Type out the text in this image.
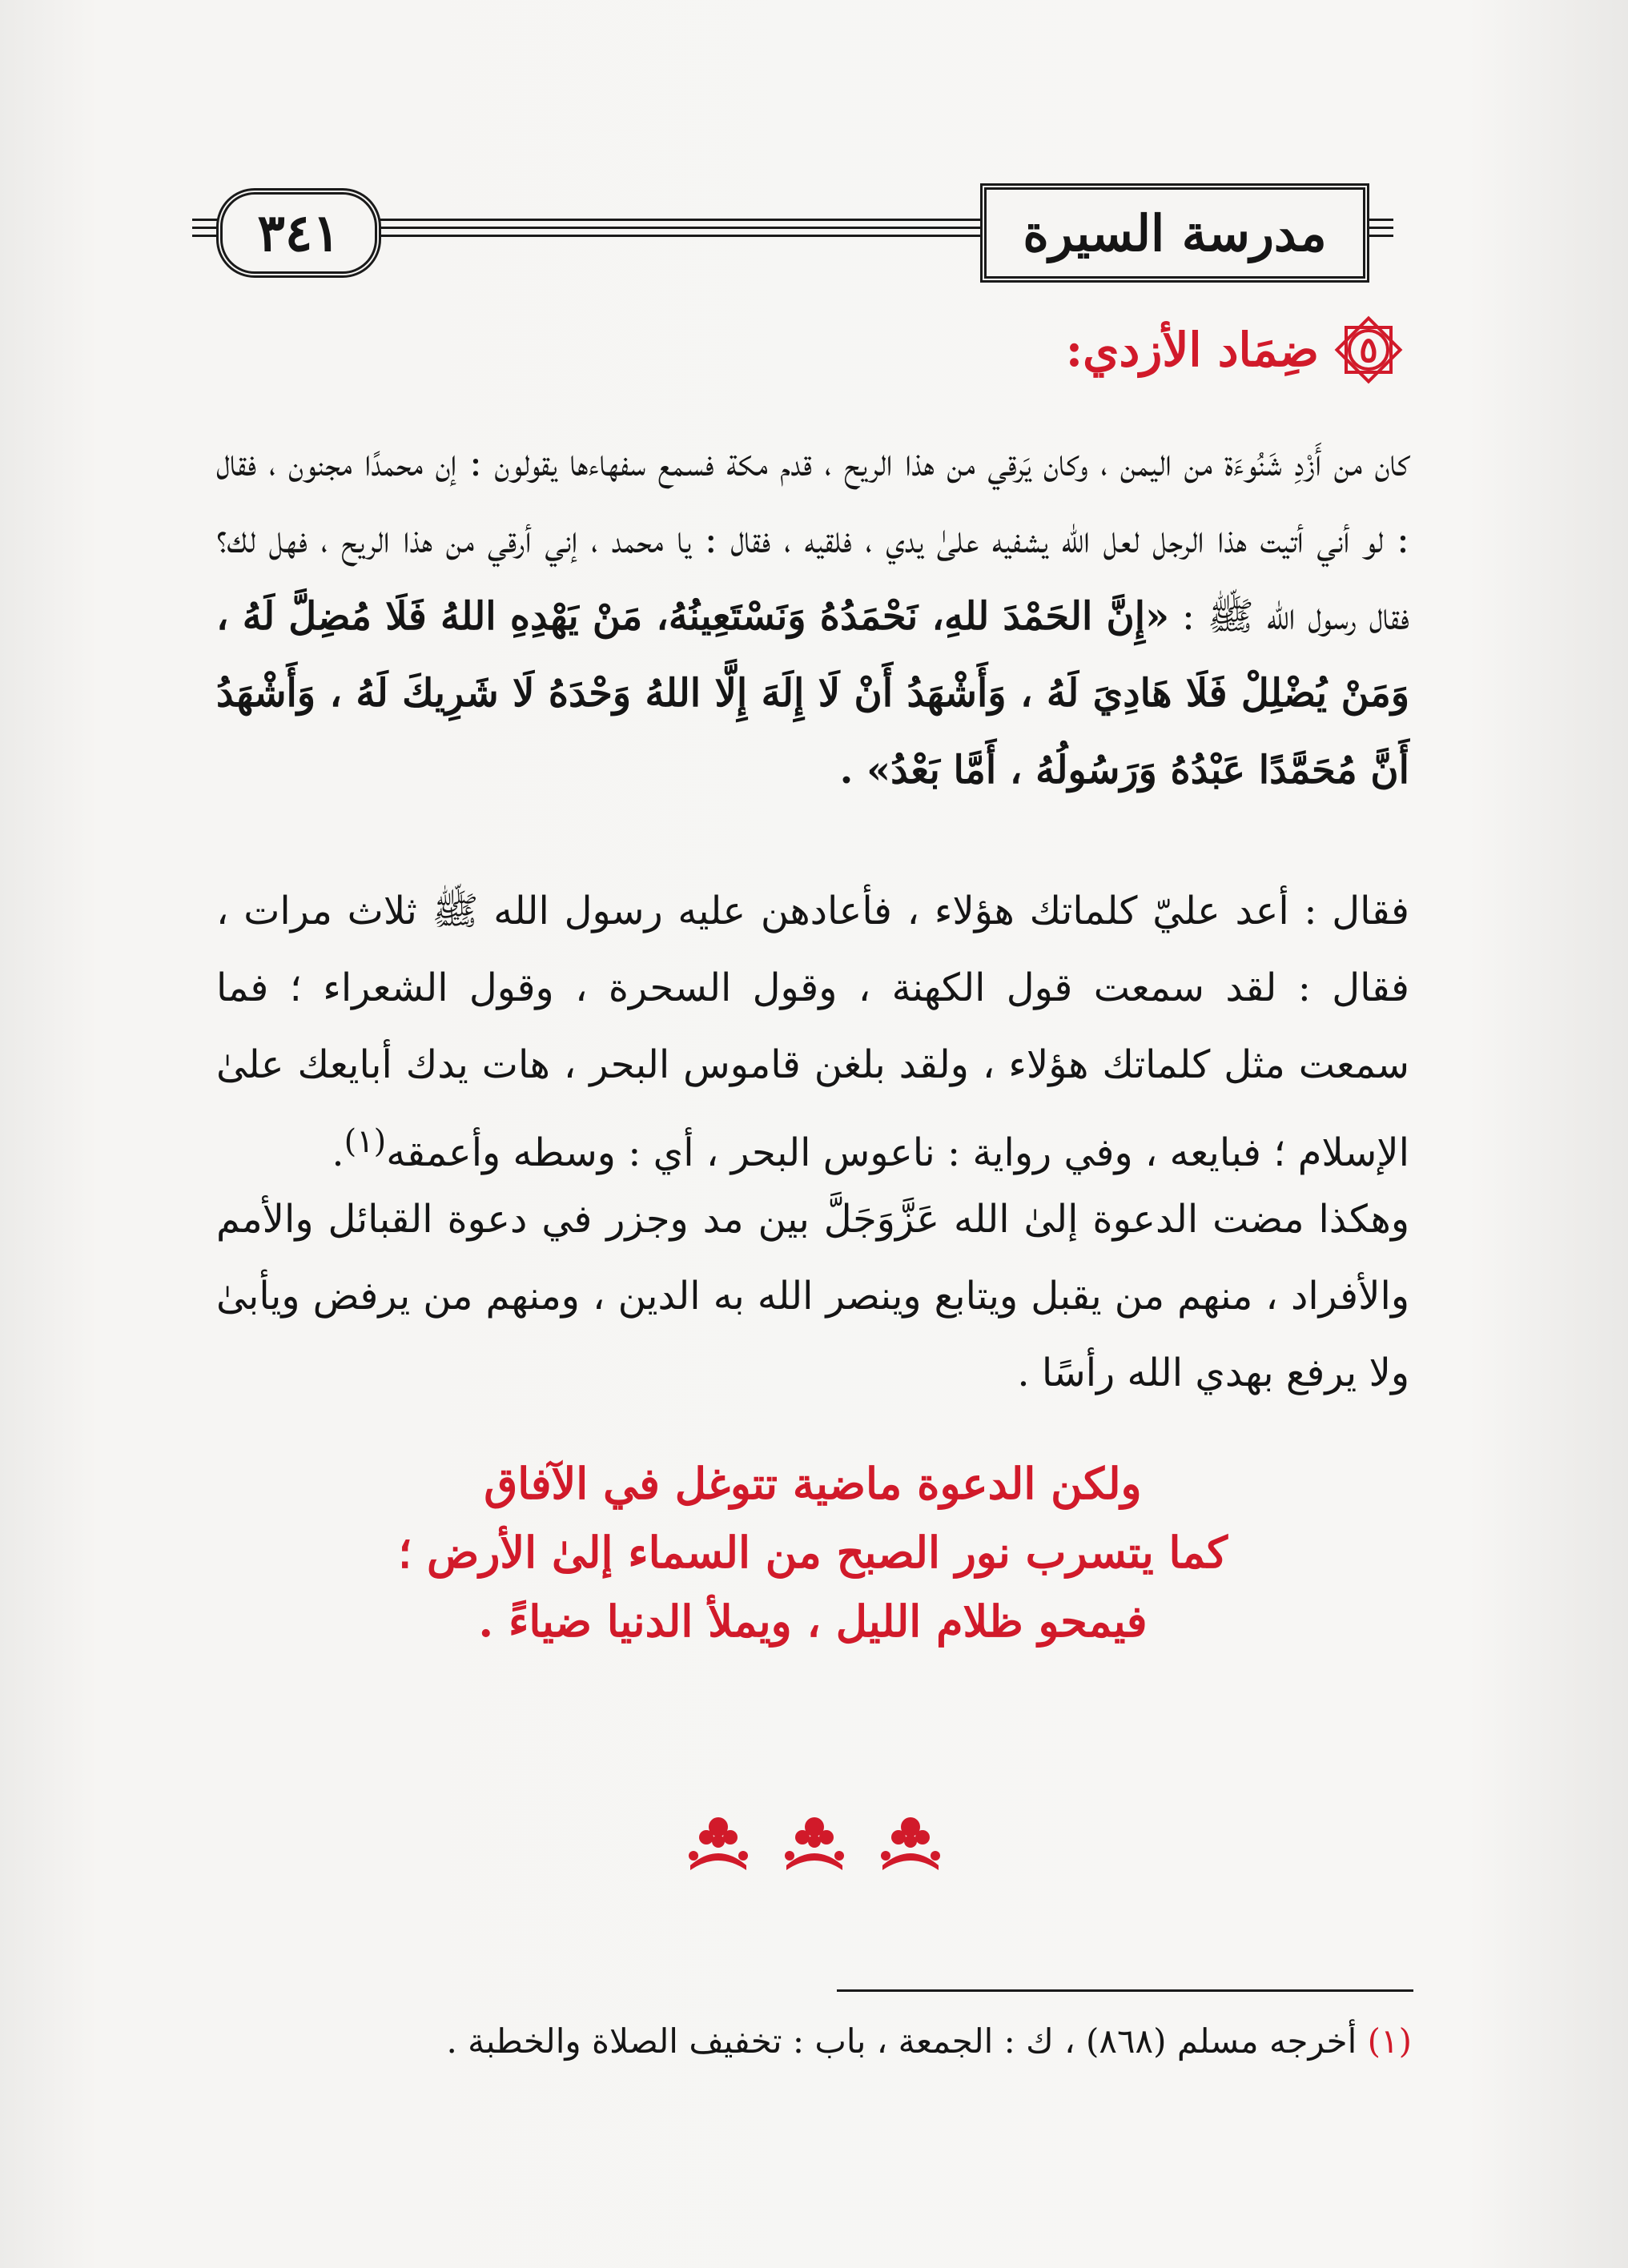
٣٤١	مدرسة السيرة
٥
ضِمَاد الأزدي:
كان من أَزْدِ شَنُوءَة من اليمن ، وكان يَرقي من هذا الريح ، قدم مكة فسمع سفهاءها يقولون : إن محمدًا مجنون ، فقال : لو أني أتيت هذا الرجل لعل الله يشفيه علىٰ يدي ، فلقيه ، فقال : يا محمد ، إني أرقي من هذا الريح ، فهل لك؟ فقال رسول الله ﷺ : «إِنَّ الحَمْدَ للهِ، نَحْمَدُهُ وَنَسْتَعِينُهُ، مَنْ يَهْدِهِ اللهُ فَلَا مُضِلَّ لَهُ ، وَمَنْ يُضْلِلْ فَلَا هَادِيَ لَهُ ، وَأَشْهَدُ أَنْ لَا إِلَهَ إِلَّا اللهُ وَحْدَهُ لَا شَرِيكَ لَهُ ، وَأَشْهَدُ أَنَّ مُحَمَّدًا عَبْدُهُ وَرَسُولُهُ ، أَمَّا بَعْدُ» .
فقال : أعد عليّ كلماتك هؤلاء ، فأعادهن عليه رسول الله ﷺ ثلاث مرات ، فقال : لقد سمعت قول الكهنة ، وقول السحرة ، وقول الشعراء ؛ فما سمعت مثل كلماتك هؤلاء ، ولقد بلغن قاموس البحر ، هات يدك أبايعك علىٰ الإسلام ؛ فبايعه ، وفي رواية : ناعوس البحر ، أي : وسطه وأعمقه$^{(١)}$.
وهكذا مضت الدعوة إلىٰ الله عَزَّوَجَلَّ بين مد وجزر في دعوة القبائل والأمم والأفراد ، منهم من يقبل ويتابع وينصر الله به الدين ، ومنهم من يرفض ويأبىٰ ولا يرفع بهدي الله رأسًا .
ولكن الدعوة ماضية تتوغل في الآفاق
كما يتسرب نور الصبح من السماء إلىٰ الأرض ؛
فيمحو ظلام الليل ، ويملأ الدنيا ضياءً .
(١) أخرجه مسلم (٨٦٨) ، ك : الجمعة ، باب : تخفيف الصلاة والخطبة .
